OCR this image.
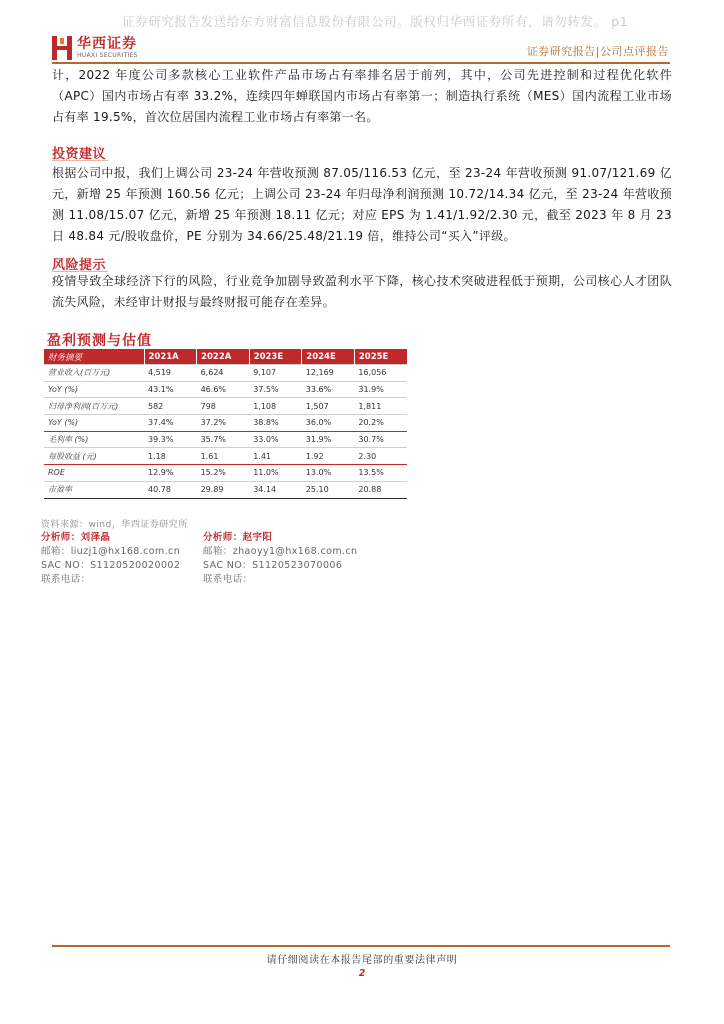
证券研究报告发送给东方财富信息股份有限公司。版权归华西证券所有，请勿转发。 p1
华西证券
HUAXI SECURITIES	证券研究报告|公司点评报告

计，2022 年度公司多款核心工业软件产品市场占有率排名居于前列，其中，公司先进控制和过程优化软件（APC）国内市场占有率 33.2%，连续四年蝉联国内市场占有率第一；制造执行系统（MES）国内流程工业市场占有率 19.5%，首次位居国内流程工业市场占有率第一名。

投资建议

根据公司中报，我们上调公司 23-24 年营收预测 87.05/116.53 亿元，至 23-24 年营收预测 91.07/121.69 亿元，新增 25 年预测 160.56 亿元；上调公司 23-24 年归母净利润预测 10.72/14.34 亿元，至 23-24 年营收预测 11.08/15.07 亿元，新增 25 年预测 18.11 亿元；对应 EPS 为 1.41/1.92/2.30 元，截至 2023 年 8 月 23 日 48.84 元/股收盘价，PE 分别为 34.66/25.48/21.19 倍，维持公司“买入”评级。

风险提示

疫情导致全球经济下行的风险，行业竞争加剧导致盈利水平下降，核心技术突破进程低于预期，公司核心人才团队流失风险，未经审计财报与最终财报可能存在差异。

盈利预测与估值
财务摘要	2021A	2022A	2023E	2024E	2025E
营业收入(百万元)	4,519	6,624	9,107	12,169	16,056
YoY (%)	43.1%	46.6%	37.5%	33.6%	31.9%
归母净利润(百万元)	582	798	1,108	1,507	1,811
YoY (%)	37.4%	37.2%	38.8%	36.0%	20.2%
毛利率 (%)	39.3%	35.7%	33.0%	31.9%	30.7%
每股收益 (元)	1.18	1.61	1.41	1.92	2.30
ROE	12.9%	15.2%	11.0%	13.0%	13.5%
市盈率	40.78	29.89	34.14	25.10	20.88
资料来源：wind，华西证券研究所
分析师：刘泽晶
邮箱：liuzj1@hx168.com.cn
SAC NO：S1120520020002
联系电话：
分析师：赵宇阳
邮箱：zhaoyy1@hx168.com.cn
SAC NO：S1120523070006
联系电话：
请仔细阅读在本报告尾部的重要法律声明
2
